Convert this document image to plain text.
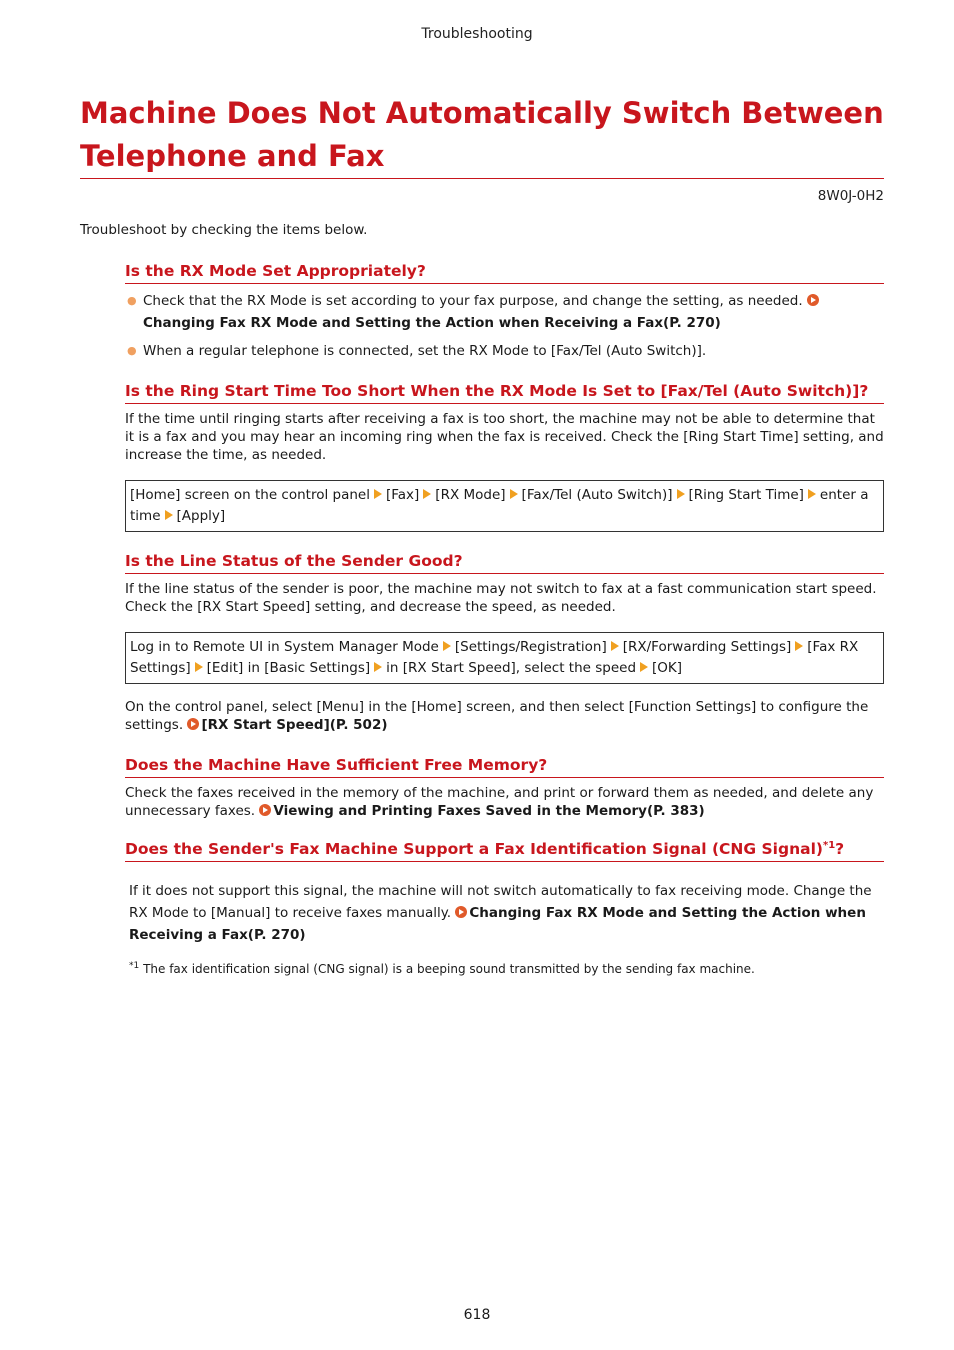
Troubleshooting
Machine Does Not Automatically Switch Between Telephone and Fax
8W0J-0H2
Troubleshoot by checking the items below.
Is the RX Mode Set Appropriately?
● Check that the RX Mode is set according to your fax purpose, and change the setting, as needed. Changing Fax RX Mode and Setting the Action when Receiving a Fax(P. 270)
● When a regular telephone is connected, set the RX Mode to [Fax/Tel (Auto Switch)].
Is the Ring Start Time Too Short When the RX Mode Is Set to [Fax/Tel (Auto Switch)]?

If the time until ringing starts after receiving a fax is too short, the machine may not be able to determine that it is a fax and you may hear an incoming ring when the fax is received. Check the [Ring Start Time] setting, and increase the time, as needed.

[Home] screen on the control panel [Fax] [RX Mode] [Fax/Tel (Auto Switch)] [Ring Start Time] enter a time [Apply]
Is the Line Status of the Sender Good?

If the line status of the sender is poor, the machine may not switch to fax at a fast communication start speed. Check the [RX Start Speed] setting, and decrease the speed, as needed.

Log in to Remote UI in System Manager Mode [Settings/Registration] [RX/Forwarding Settings] [Fax RX Settings] [Edit] in [Basic Settings] in [RX Start Speed], select the speed [OK]

On the control panel, select [Menu] in the [Home] screen, and then select [Function Settings] to configure the settings. [RX Start Speed](P. 502)

Does the Machine Have Sufficient Free Memory?

Check the faxes received in the memory of the machine, and print or forward them as needed, and delete any unnecessary faxes. Viewing and Printing Faxes Saved in the Memory(P. 383)

Does the Sender's Fax Machine Support a Fax Identification Signal (CNG Signal)$^{*1}$?

If it does not support this signal, the machine will not switch automatically to fax receiving mode. Change the RX Mode to [Manual] to receive faxes manually. Changing Fax RX Mode and Setting the Action when Receiving a Fax(P. 270)

$^{*1}$ The fax identification signal (CNG signal) is a beeping sound transmitted by the sending fax machine.
618
